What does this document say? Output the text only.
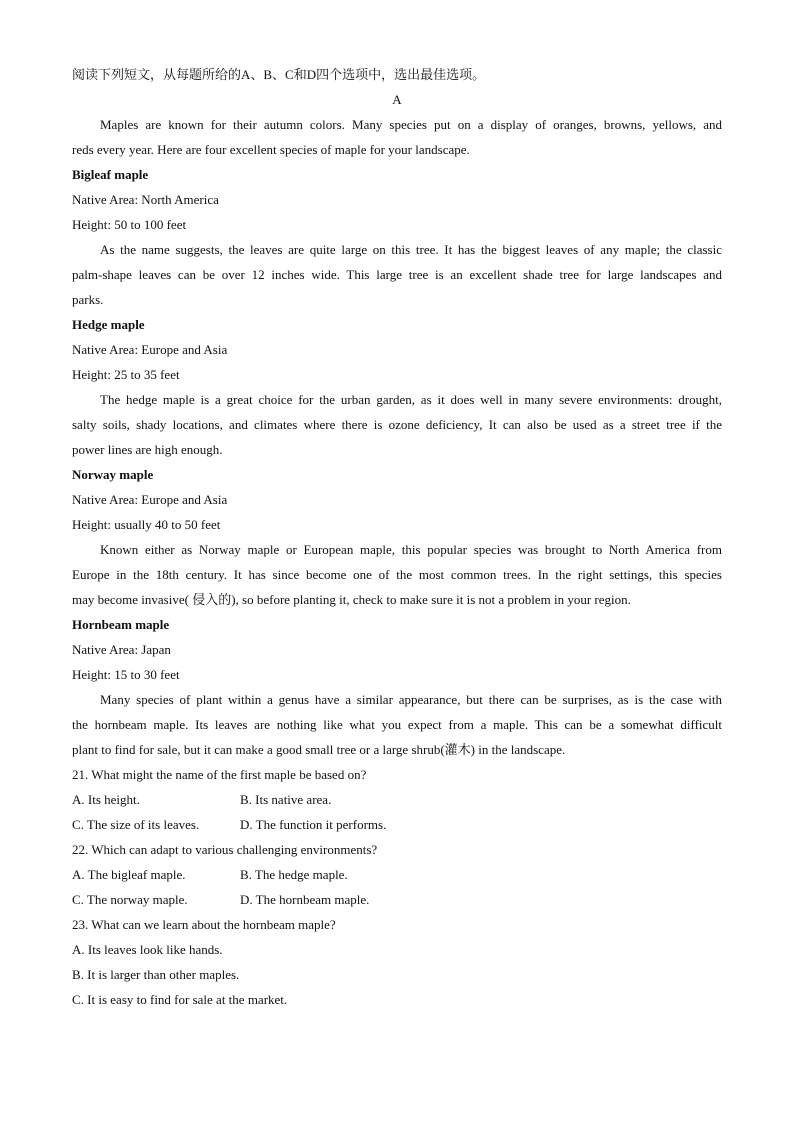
阅读下列短文，从每题所给的A、B、C和D四个选项中，选出最佳选项。
A
Maples are known for their autumn colors. Many species put on a display of oranges, browns, yellows, and
reds every year. Here are four excellent species of maple for your landscape.
Bigleaf maple
Native Area: North America
Height: 50 to 100 feet
As the name suggests, the leaves are quite large on this tree. It has the biggest leaves of any maple; the classic
palm-shape leaves can be over 12 inches wide. This large tree is an excellent shade tree for large landscapes and
parks.
Hedge maple
Native Area: Europe and Asia
Height: 25 to 35 feet
The hedge maple is a great choice for the urban garden, as it does well in many severe environments: drought,
salty soils, shady locations, and climates where there is ozone deficiency, It can also be used as a street tree if the
power lines are high enough.
Norway maple
Native Area: Europe and Asia
Height: usually 40 to 50 feet
Known either as Norway maple or European maple, this popular species was brought to North America from
Europe in the 18th century. It has since become one of the most common trees. In the right settings, this species
may become invasive( 侵入的), so before planting it, check to make sure it is not a problem in your region.
Hornbeam maple
Native Area: Japan
Height: 15 to 30 feet
Many species of plant within a genus have a similar appearance, but there can be surprises, as is the case with
the hornbeam maple. Its leaves are nothing like what you expect from a maple. This can be a somewhat difficult
plant to find for sale, but it can make a good small tree or a large shrub(灌木) in the landscape.
21. What might the name of the first maple be based on?
A. Its height.	B. Its native area.
C. The size of its leaves.	D. The function it performs.
22. Which can adapt to various challenging environments?
A. The bigleaf maple.	B. The hedge maple.
C. The norway maple.	D. The hornbeam maple.
23. What can we learn about the hornbeam maple?
A. Its leaves look like hands.
B. It is larger than other maples.
C. It is easy to find for sale at the market.
